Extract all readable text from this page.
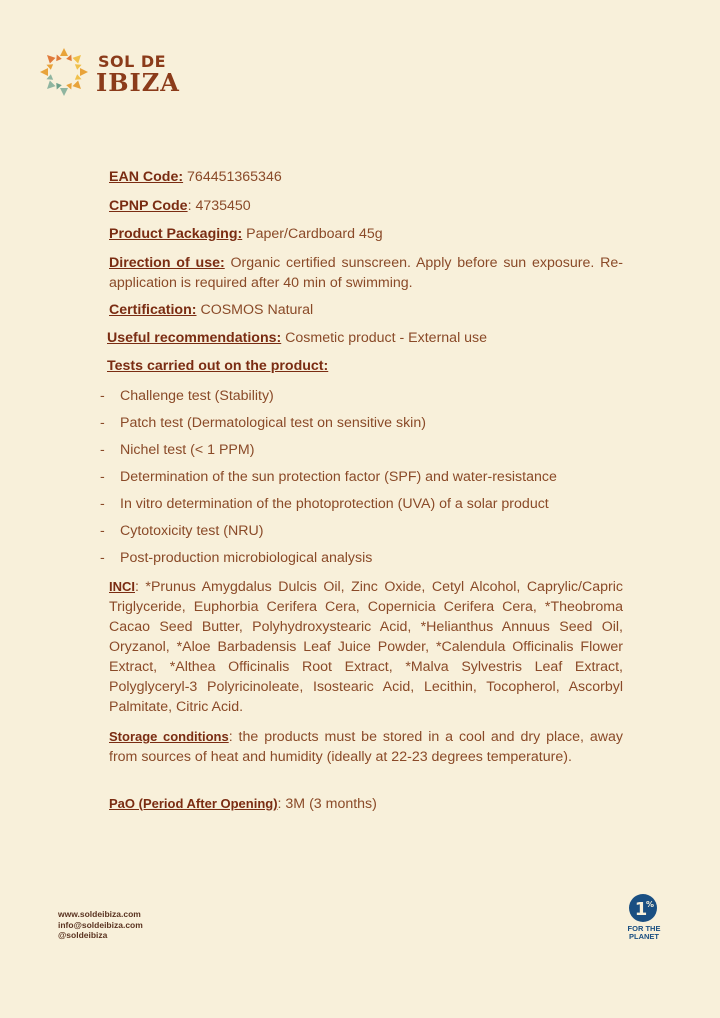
SOL DE
IBIZA
EAN Code: 764451365346
CPNP Code: 4735450
Product Packaging: Paper/Cardboard 45g
Direction of use: Organic certified sunscreen. Apply before sun exposure. Re-application is required after 40 min of swimming.
Certification: COSMOS Natural
Useful recommendations: Cosmetic product - External use
Tests carried out on the product:
- Challenge test (Stability)
- Patch test (Dermatological test on sensitive skin)
- Nichel test (< 1 PPM)
- Determination of the sun protection factor (SPF) and water-resistance
- In vitro determination of the photoprotection (UVA) of a solar product
- Cytotoxicity test (NRU)
- Post-production microbiological analysis
INCI: *Prunus Amygdalus Dulcis Oil, Zinc Oxide, Cetyl Alcohol, Caprylic/Capric Triglyceride, Euphorbia Cerifera Cera, Copernicia Cerifera Cera, *Theobroma Cacao Seed Butter, Polyhydroxystearic Acid, *Helianthus Annuus Seed Oil, Oryzanol, *Aloe Barbadensis Leaf Juice Powder, *Calendula Officinalis Flower Extract, *Althea Officinalis Root Extract, *Malva Sylvestris Leaf Extract, Polyglyceryl-3 Polyricinoleate, Isostearic Acid, Lecithin, Tocopherol, Ascorbyl Palmitate, Citric Acid.
Storage conditions: the products must be stored in a cool and dry place, away from sources of heat and humidity (ideally at 22-23 degrees temperature).
PaO (Period After Opening): 3M (3 months)
www.soldeibiza.com
info@soldeibiza.com
@soldeibiza
1
%
FOR THE
PLANET
